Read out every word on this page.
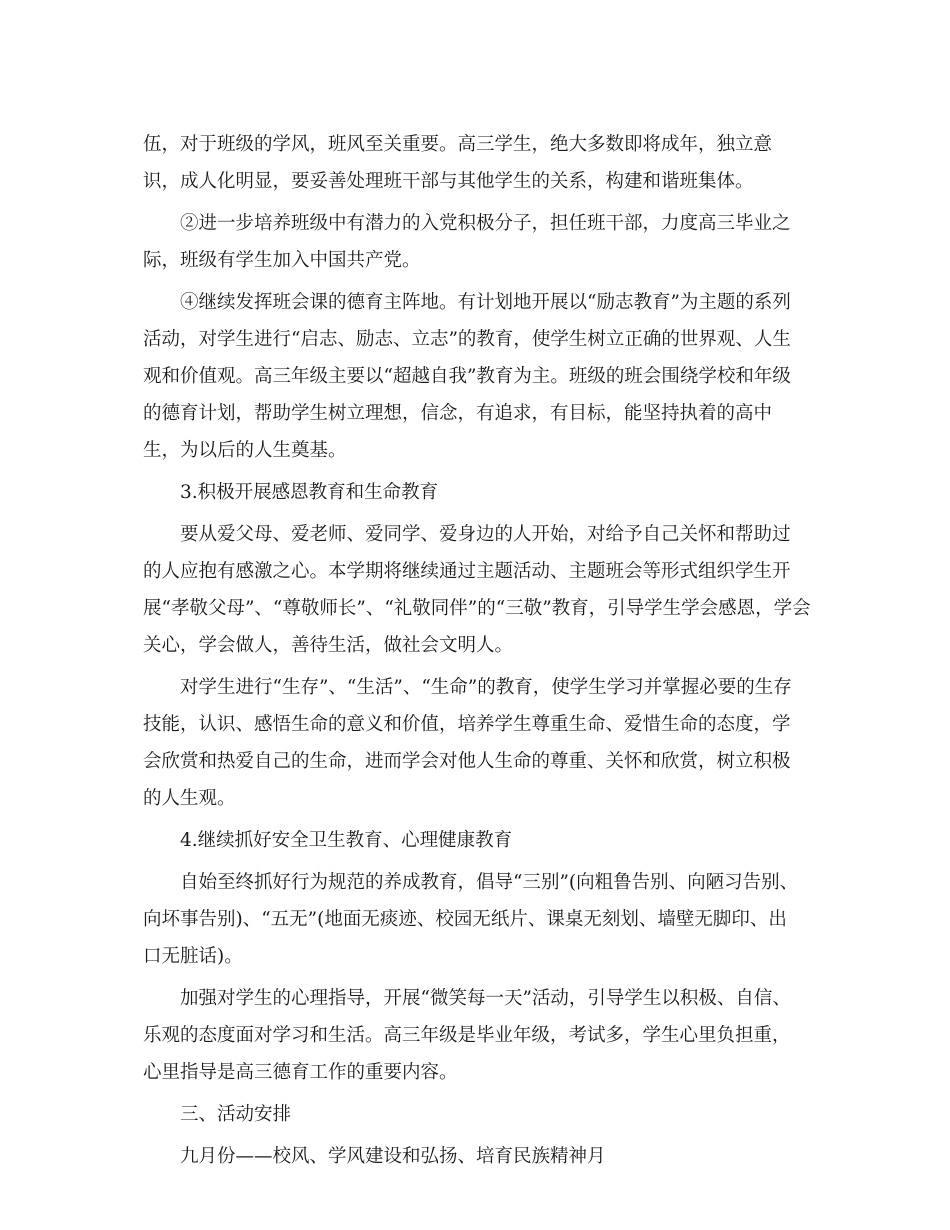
伍，对于班级的学风，班风至关重要。高三学生，绝大多数即将成年，独立意
识，成人化明显，要妥善处理班干部与其他学生的关系，构建和谐班集体。

②进一步培养班级中有潜力的入党积极分子，担任班干部，力度高三毕业之
际，班级有学生加入中国共产党。

④继续发挥班会课的德育主阵地。有计划地开展以“励志教育”为主题的系列
活动，对学生进行“启志、励志、立志”的教育，使学生树立正确的世界观、人生
观和价值观。高三年级主要以“超越自我”教育为主。班级的班会围绕学校和年级
的德育计划，帮助学生树立理想，信念，有追求，有目标，能坚持执着的高中
生，为以后的人生奠基。

3.积极开展感恩教育和生命教育

要从爱父母、爱老师、爱同学、爱身边的人开始，对给予自己关怀和帮助过
的人应抱有感激之心。本学期将继续通过主题活动、主题班会等形式组织学生开
展“孝敬父母”、“尊敬师长”、“礼敬同伴”的“三敬”教育，引导学生学会感恩，学会
关心，学会做人，善待生活，做社会文明人。

对学生进行“生存”、“生活”、“生命”的教育，使学生学习并掌握必要的生存
技能，认识、感悟生命的意义和价值，培养学生尊重生命、爱惜生命的态度，学
会欣赏和热爱自己的生命，进而学会对他人生命的尊重、关怀和欣赏，树立积极
的人生观。

4.继续抓好安全卫生教育、心理健康教育

自始至终抓好行为规范的养成教育，倡导“三别”(向粗鲁告别、向陋习告别、
向坏事告别)、“五无”(地面无痰迹、校园无纸片、课桌无刻划、墙壁无脚印、出
口无脏话)。

加强对学生的心理指导，开展“微笑每一天”活动，引导学生以积极、自信、
乐观的态度面对学习和生活。高三年级是毕业年级，考试多，学生心里负担重，
心里指导是高三德育工作的重要内容。

三、活动安排

九月份——校风、学风建设和弘扬、培育民族精神月
